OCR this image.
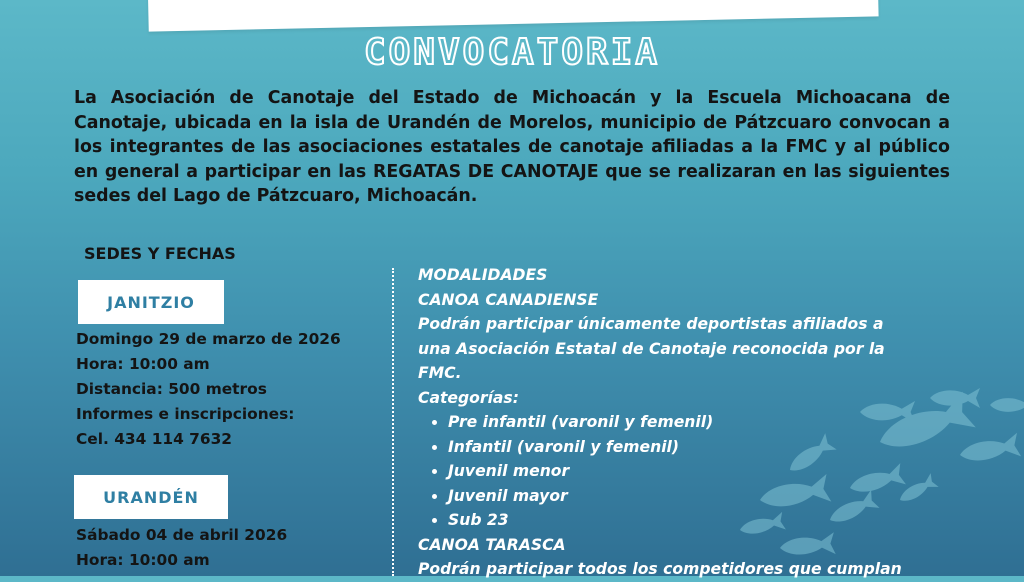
CONVOCATORIA

La Asociación de Canotaje del Estado de Michoacán y la Escuela Michoacana de Canotaje, ubicada en la isla de Urandén de Morelos, municipio de Pátzcuaro convocan a los integrantes de las asociaciones estatales de canotaje afiliadas a la FMC y al público en general a participar en las REGATAS DE CANOTAJE que se realizaran en las siguientes sedes del Lago de Pátzcuaro, Michoacán.

SEDES Y FECHAS
JANITZIO
Domingo 29 de marzo de 2026
Hora: 10:00 am
Distancia: 500 metros
Informes e inscripciones:
Cel. 434 114 7632
URANDÉN
Sábado 04 de abril 2026
Hora: 10:00 am
MODALIDADES
CANOA CANADIENSE
Podrán participar únicamente deportistas afiliados a
una Asociación Estatal de Canotaje reconocida por la
FMC.
Categorías:
• Pre infantil (varonil y femenil)
• Infantil (varonil y femenil)
• Juvenil menor
• Juvenil mayor
• Sub 23
CANOA TARASCA
Podrán participar todos los competidores que cumplan
